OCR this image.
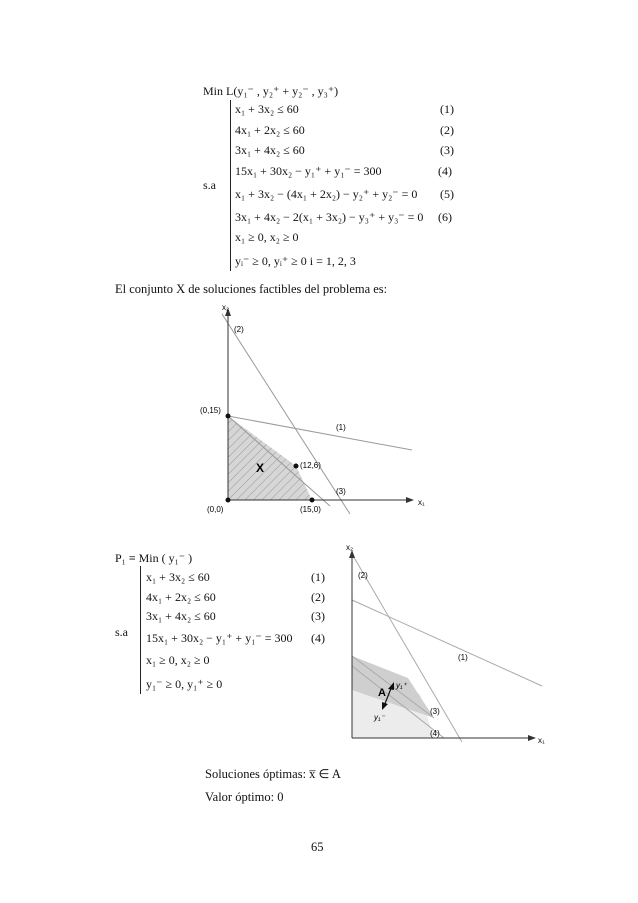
Min L(y₁⁻ , y₂⁺ + y₂⁻ , y₃⁺)
s.a
x₁ + 3x₂ ≤ 60	(1)
4x₁ + 2x₂ ≤ 60	(2)
3x₁ + 4x₂ ≤ 60	(3)
15x₁ + 30x₂ − y₁⁺ + y₁⁻ = 300	(4)
x₁ + 3x₂ − (4x₁ + 2x₂) − y₂⁺ + y₂⁻ = 0 (5)
3x₁ + 4x₂ − 2(x₁ + 3x₂) − y₃⁺ + y₃⁻ = 0 (6)
x₁ ≥ 0, x₂ ≥ 0
yᵢ⁻ ≥ 0, yᵢ⁺ ≥ 0 i = 1, 2, 3
El conjunto X de soluciones factibles del problema es:
x₂
x₁
(2)
(1)
(3)
(0,15)
(12,6)
(0,0)	(15,0)
X
P₁ ≡ Min ( y₁⁻ )
s.a
x₁ + 3x₂ ≤ 60	(1)
4x₁ + 2x₂ ≤ 60	(2)
3x₁ + 4x₂ ≤ 60	(3)
15x₁ + 30x₂ − y₁⁺ + y₁⁻ = 300 (4)
x₁ ≥ 0, x₂ ≥ 0
y₁⁻ ≥ 0, y₁⁺ ≥ 0
x₂
x₁
(2)
(1)
(3)
(4)
A
y₁⁺
y₁⁻
Soluciones óptimas: x̅ ∈ A
Valor óptimo: 0
65
